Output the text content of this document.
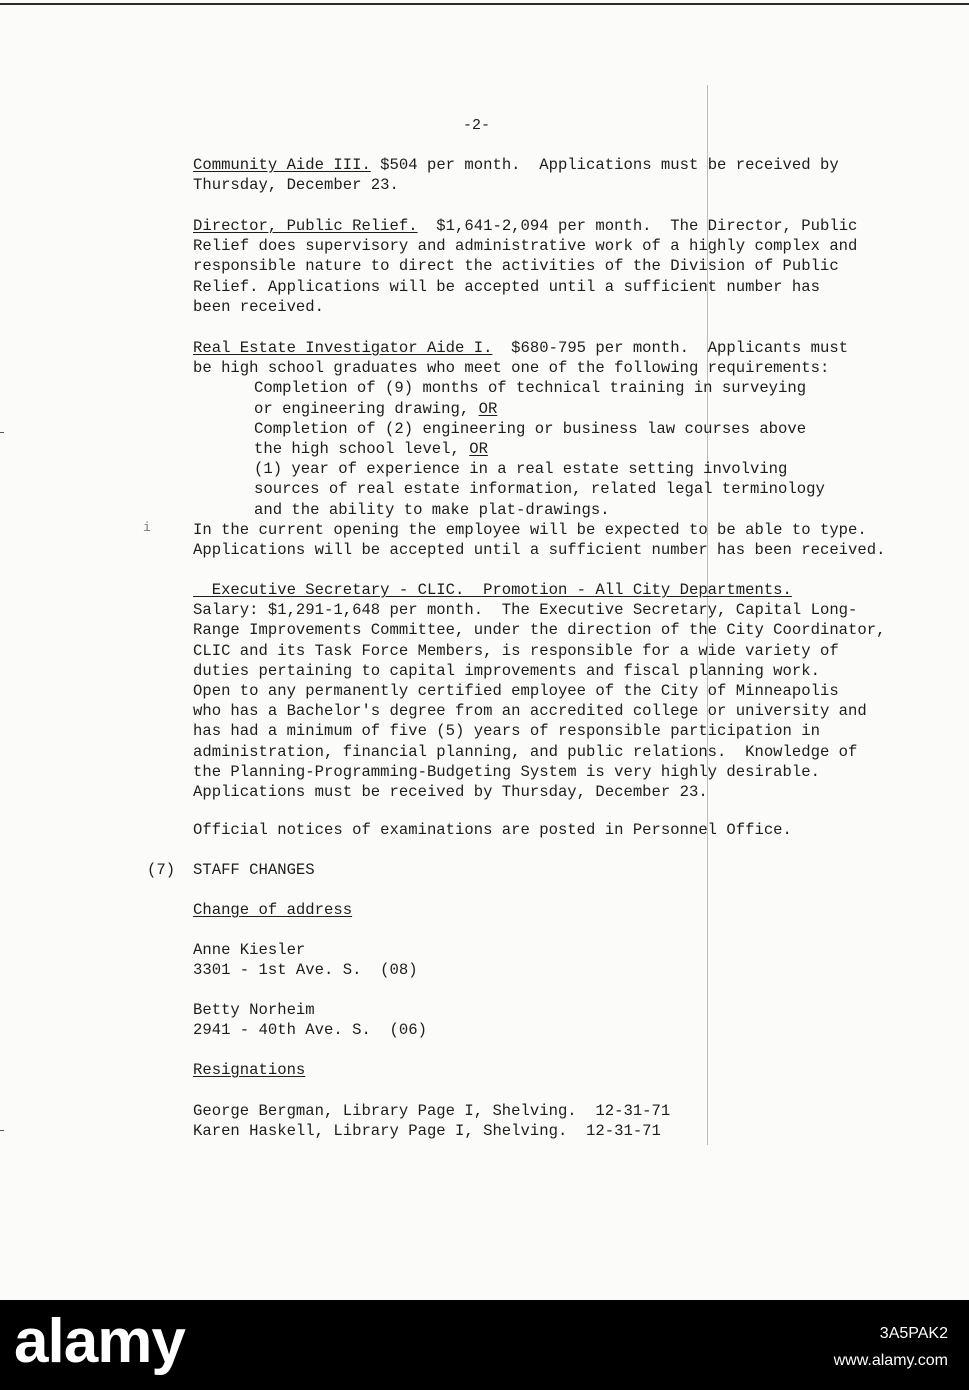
-2-
i
Community Aide III. $504 per month.  Applications must be received by
Thursday, December 23.
Director, Public Relief.  $1,641-2,094 per month.  The Director, Public
Relief does supervisory and administrative work of a highly complex and
responsible nature to direct the activities of the Division of Public
Relief. Applications will be accepted until a sufficient number has
been received.
Real Estate Investigator Aide I.  $680-795 per month.  Applicants must
be high school graduates who meet one of the following requirements:
Completion of (9) months of technical training in surveying
or engineering drawing, OR
Completion of (2) engineering or business law courses above
the high school level, OR
(1) year of experience in a real estate setting involving
sources of real estate information, related legal terminology
and the ability to make plat-drawings.
In the current opening the employee will be expected to be able to type.
Applications will be accepted until a sufficient number has been received.
Executive Secretary - CLIC.  Promotion - All City Departments.
Salary: $1,291-1,648 per month.  The Executive Secretary, Capital Long-
Range Improvements Committee, under the direction of the City Coordinator,
CLIC and its Task Force Members, is responsible for a wide variety of
duties pertaining to capital improvements and fiscal planning work.
Open to any permanently certified employee of the City of Minneapolis
who has a Bachelor's degree from an accredited college or university and
has had a minimum of five (5) years of responsible participation in
administration, financial planning, and public relations.  Knowledge of
the Planning-Programming-Budgeting System is very highly desirable.
Applications must be received by Thursday, December 23.
Official notices of examinations are posted in Personnel Office.
(7) STAFF CHANGES
Change of address
Anne Kiesler
3301 - 1st Ave. S.  (08)
Betty Norheim
2941 - 40th Ave. S.  (06)
Resignations
George Bergman, Library Page I, Shelving.  12-31-71
Karen Haskell, Library Page I, Shelving.  12-31-71
alamy	3A5PAK2
www.alamy.com
